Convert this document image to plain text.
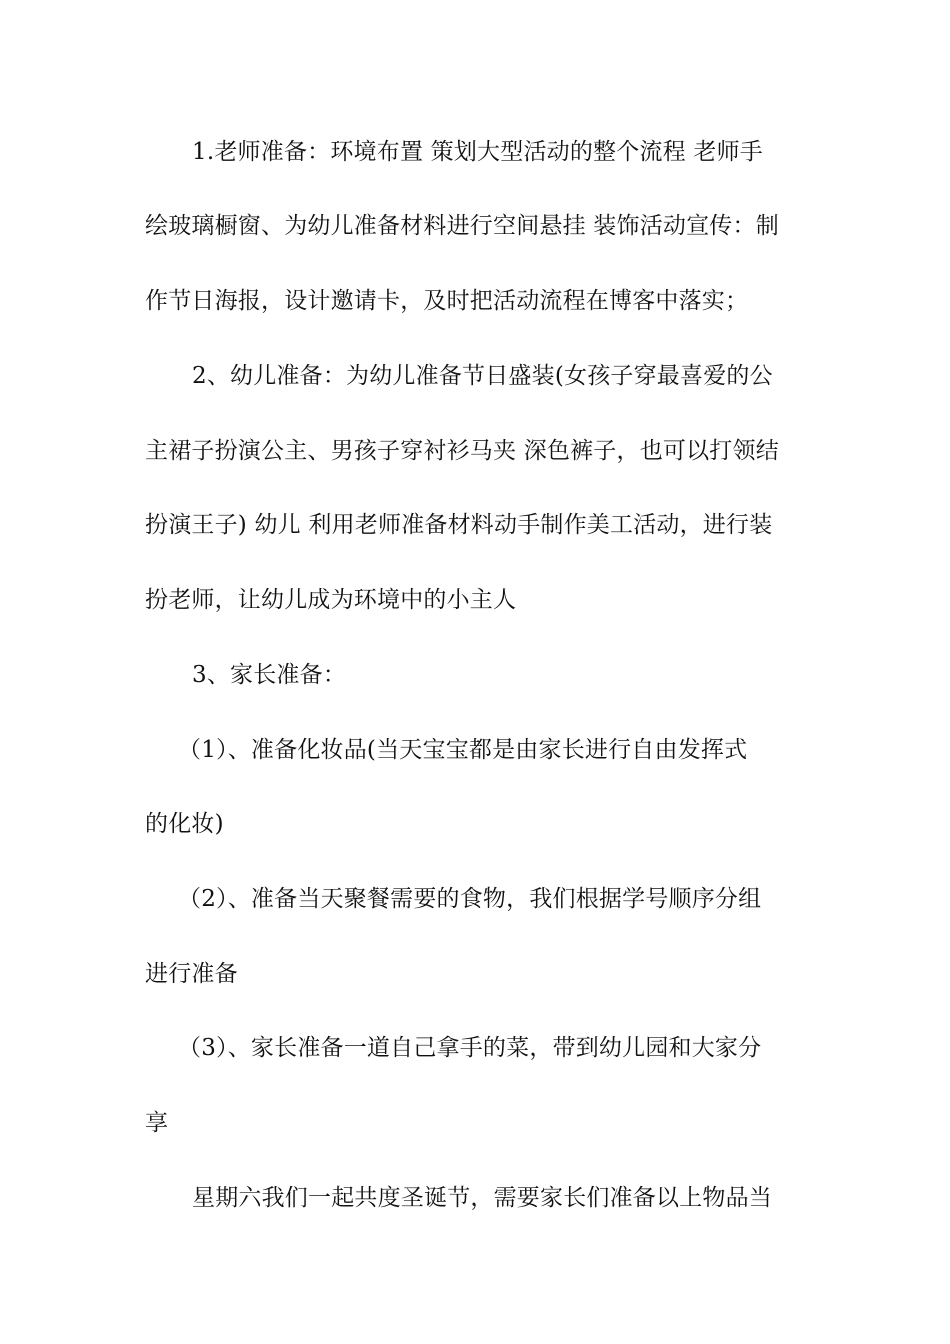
1.老师准备：环境布置 策划大型活动的整个流程 老师手
绘玻璃橱窗、为幼儿准备材料进行空间悬挂 装饰活动宣传：制
作节日海报，设计邀请卡，及时把活动流程在博客中落实；
2、幼儿准备：为幼儿准备节日盛装(女孩子穿最喜爱的公
主裙子扮演公主、男孩子穿衬衫马夹 深色裤子，也可以打领结
扮演王子) 幼儿 利用老师准备材料动手制作美工活动，进行装
扮老师，让幼儿成为环境中的小主人
3、家长准备：
（1）、准备化妆品(当天宝宝都是由家长进行自由发挥式
的化妆)
（2）、准备当天聚餐需要的食物，我们根据学号顺序分组
进行准备
（3）、家长准备一道自己拿手的菜，带到幼儿园和大家分
享
星期六我们一起共度圣诞节，需要家长们准备以上物品当
